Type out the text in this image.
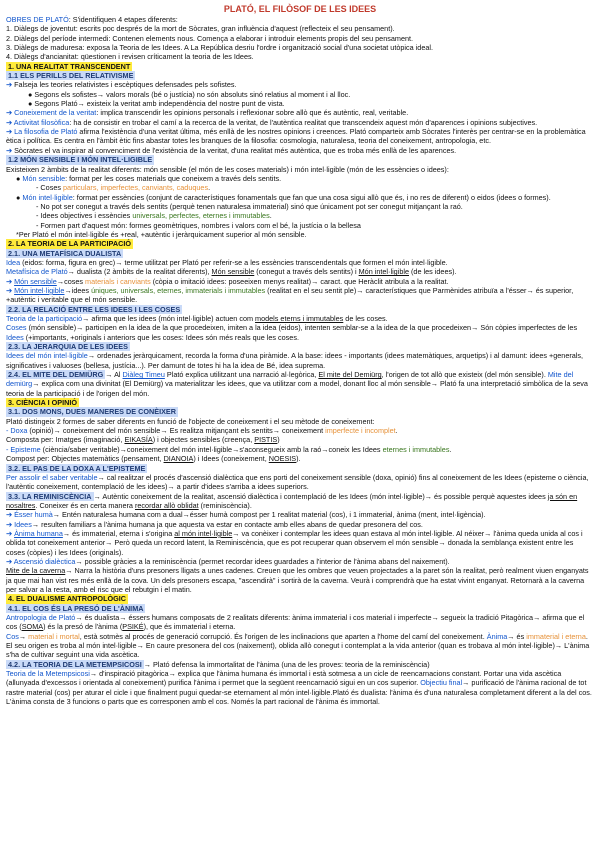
PLATÓ, EL FILÒSOF DE LES IDEES
OBRES DE PLATÓ: S'identifiquen 4 etapes diferents:
1. Diàlegs de joventut: escrits poc després de la mort de Sòcrates, gran influència d'aquest (reflecteix el seu pensament).
2. Diàlegs del període intermedi: Contenen elements nous. Comença a elaborar i introduir elements propis del seu pensament.
3. Diàlegs de maduresa: exposa la Teoria de les Idees. A La República desriu l'ordre i organització social d'una societat utòpica ideal.
4. Diàlegs d'ancianitat: qüestionen i revisen críticament la teoria de les Idees.
1. UNA REALITAT TRANSCENDENT
1.1 ELS PERILLS DEL RELATIVISME
➔ Falseja les teories relativistes i escèptiques defensades pels sofistes.
● Segons els sofistes→ valors morals (bé o justícia) no són absoluts sinó relatius al moment i al lloc.
● Segons Plató→ existeix la veritat amb independència del nostre punt de vista.
➔ Coneixement de la veritat: implica transcendir les opinions personals i reflexionar sobre allò que és autèntic, real, veritable.
➔ Activitat filosòfica: ha de consistir en trobar el camí a la recerca de la veritat, de l'autèntica realitat que transcendeix aquest món d'aparences i opinions subjectives.
➔ La filosofia de Plató afirma l'existència d'una veritat última, més enllà de les nostres opinions i creences. Plató comparteix amb Sòcrates l'interès per centrar-se en la problemàtica ètica i política. Es centra en l'àmbit ètic fins abastar totes les branques de la filosofia: cosmologia, naturalesa, teoria del coneixement, antropologia, etc.
➔ Sòcrates el va inspirar al convenciment de l'existència de la veritat, d'una realitat més autèntica, que es troba més enllà de les aparences.
1.2 MÓN SENSIBLE I MÓN INTEL·LIGIBLE
Existeixen 2 àmbits de la realitat diferents: món sensible (el món de les coses materials) i món intel·ligible (món de les essències o idees):
● Món sensible: format per les coses materials que coneixem a través dels sentits.
- Coses particulars, imperfectes, canviants, caduques.
● Món intel·ligible: format per essències (conjunt de característiques fonamentals que fan que una cosa sigui allò que és, i no res de diferent) o eidos (idees o formes).
- No pot ser conegut a través dels sentits (perquè tenen naturalesa immaterial) sinó que únicament pot ser conegut mitjançant la raó.
- Idees objectives i essències universals, perfectes, eternes i immutables.
- Formen part d'aquest món: formes geomètriques, nombres i valors com el bé, la justícia o la bellesa
*Per Plató el món intel·ligible és +real, +autèntic i jeràrquicament superior al món sensible.
2. LA TEORIA DE LA PARTICIPACIÓ
2.1. UNA METAFÍSICA DUALISTA
Idea (eidos: forma, figura en grec)→ terme utilitzat per Plató per referir-se a les essències transcendentals que formen el món intel·ligible.
Metafísica de Plató→ dualista (2 àmbits de la realitat diferents), Món sensible (conegut a través dels sentits) i Món intel·ligible (de les idees).
➔ Món sensible→coses materials i canviants (còpia o imitació idees: poseeixen menys realitat)→ caract. que Heràclit atribuïa a la realitat.
➔ Món intel·ligible→idees úniques, universals, eternes, immaterials i immutables (realitat en el seu sentit ple)→ característiques que Parmènides atribuïa a l'ésser→ és superior, +autèntic i veritable que el món sensible.
2.2. LA RELACIÓ ENTRE LES IDEES I LES COSES
Teoria de la participació→ afirma que les idees (món intel·ligible) actuen com models eterns i immutables de les coses.
Coses (món sensible)→ participen en la idea de la que procedeixen, imiten a la idea (eidos), intenten semblar-se a la idea de la que procedeixen→ Són còpies imperfectes de les Idees (+importants, +originals i anteriors que les coses: Idees són més reals que les coses.
2.3. LA JERARQUIA DE LES IDEES
Idees del món intel·ligible→ ordenades jeràrquicament, recorda la forma d'una piràmide. A la base: idees - importants (idees matemàtiques, arquetips) i al damunt: idees +generals, significatives i valuoses (bellesa, justícia...). Per damunt de totes hi ha la idea de Bé, idea suprema.
2.4. EL MITE DEL DEMIÜRG → Al Diàleg Timeu Plató explica utilitzant una narració al·legòrica, El mite del Demiürg, l'origen de tot allò que existeix (del món sensible). Mite del demiürg→ explica com una divinitat (El Demiürg) va materialitzar les idees, que va utilitzar com a model, donant lloc al món sensible→ Plató fa una interpretació simbòlica de la seva teoria de la participació i de l'origen del món.
3. CIÈNCIA I OPINIÓ
3.1. DOS MONS, DUES MANERES DE CONÈIXER
Plató distingeix 2 formes de saber diferents en funció de l'objecte de coneixement i el seu mètode de coneixement:
- Doxa (opinió)→ coneixement del món sensible→ Es realitza mitjançant els sentits→ coneixement imperfecte i incomplet.
Composta per: Imatges (imaginació, EIKASÍA) i objectes sensibles (creença, PISTIS)
- Episteme (ciència/saber veritable)→coneixement del món intel·ligible→s'aconsegueix amb la raó→coneix les Idees eternes i immutables.
Compost per: Objectes matemàtics (pensament, DIANOIA) i Idees (coneixement, NOESIS).
3.2. EL PAS DE LA DOXA A L'EPISTEME
Per assolir el saber veritable→ cal realitzar el procés d'ascensió dialèctica que ens porti del coneixement sensible (doxa, opinió) fins al coneixement de les Idees (episteme o ciència, l'autèntic coneixement, contemplació de les idees)→ a partir d'idees s'arriba a idees superiors.
3.3. LA REMINISCÈNCIA → Autèntic coneixement de la realitat, ascensió dialèctica i contemplació de les Idees (món intel·ligible)→ és possible perquè aquestes idees ja són en nosaltres. Coneixer és en certa manera recordar allò oblidat (reminiscència).
➔ Ésser humà→ Entén naturalesa humana com a dual→ésser humà compost per 1 realitat material (cos), i 1 immaterial, ànima (ment, intel·ligència).
➔ Idees→ resulten familiars a l'ànima humana ja que aquesta va estar en contacte amb elles abans de quedar presonera del cos.
➔ Ànima humana→ és immaterial, eterna i s'origina al món intel·ligible→ va conèixer i contemplar les idees quan estava al món intel·ligible. Al néixer→ l'ànima queda unida al cos i oblida tot coneixement anterior→ Però queda un record latent, la Reminiscència, que es pot recuperar quan observem el món sensible→ donada la semblança existent entre les coses (còpies) i les Idees (originals).
➔ Ascensió dialèctica→ possible gràcies a la reminiscència (permet recordar idees guardades a l'interior de l'ànima abans del naixement).
Mite de la caverna→ Narra la història d'uns presoners lligats a unes cadenes. Creuen que les ombres que veuen projectades a la paret són la realitat, però realment viuen enganyats ja que mai han vist res més enllà de la cova. Un dels presoners escapa, "ascendirà" i sortirà de la caverna. Veurà i comprendrà que ha estat vivint enganyat. Retornarà a la caverna per salvar a la resta, amb el risc que el rebutgin i el matin.
4. EL DUALISME ANTROPOLÒGIC
4.1. EL COS ÉS LA PRESÓ DE L'ÀNIMA
Antropologia de Plató→ és dualista→ éssers humans composats de 2 realitats diferents: ànima immaterial i cos material i imperfecte→ segueix la tradició Pitagòrica→ afirma que el cos (SOMA) és la presó de l'ànima (PSIKÉ), que és immaterial i eterna.
Cos→ material i mortal, està sotmès al procés de generació corrupció. És l'origen de les inclinacions que aparten a l'home del camí del coneixement. Ànima→ és immaterial i eterna. El seu origen es troba al món intel·ligible→ En caure presonera del cos (naixement), oblida allò conegut i contemplat a la vida anterior (quan es trobava al món intel·ligible)→ L'ànima s'ha de cultivar seguint una vida ascètica.
4.2. LA TEORIA DE LA METEMPSICOSI → Plató defensa la immortalitat de l'ànima (una de les proves: teoria de la reminiscència)
Teoria de la Metempsicosi→ d'inspiració pitagòrica→ explica que l'ànima humana és immortal i està sotmesa a un cicle de reencarnacions constant. Portar una vida ascètica (allunyada d'excessos i orientada al coneixement) purifica l'ànima i permet que la següent reencarnació sigui en un cos superior. Objectiu final→ purificació de l'ànima racional de tot rastre material (cos) per aturar el cicle i que finalment pugui quedar-se eternament al món intel·ligible.Plató és dualista: l'ànima és d'una naturalesa completament diferent a la del cos.
L'ànima consta de 3 funcions o parts que es corresponen amb el cos. Només la part racional de l'ànima és immortal.
